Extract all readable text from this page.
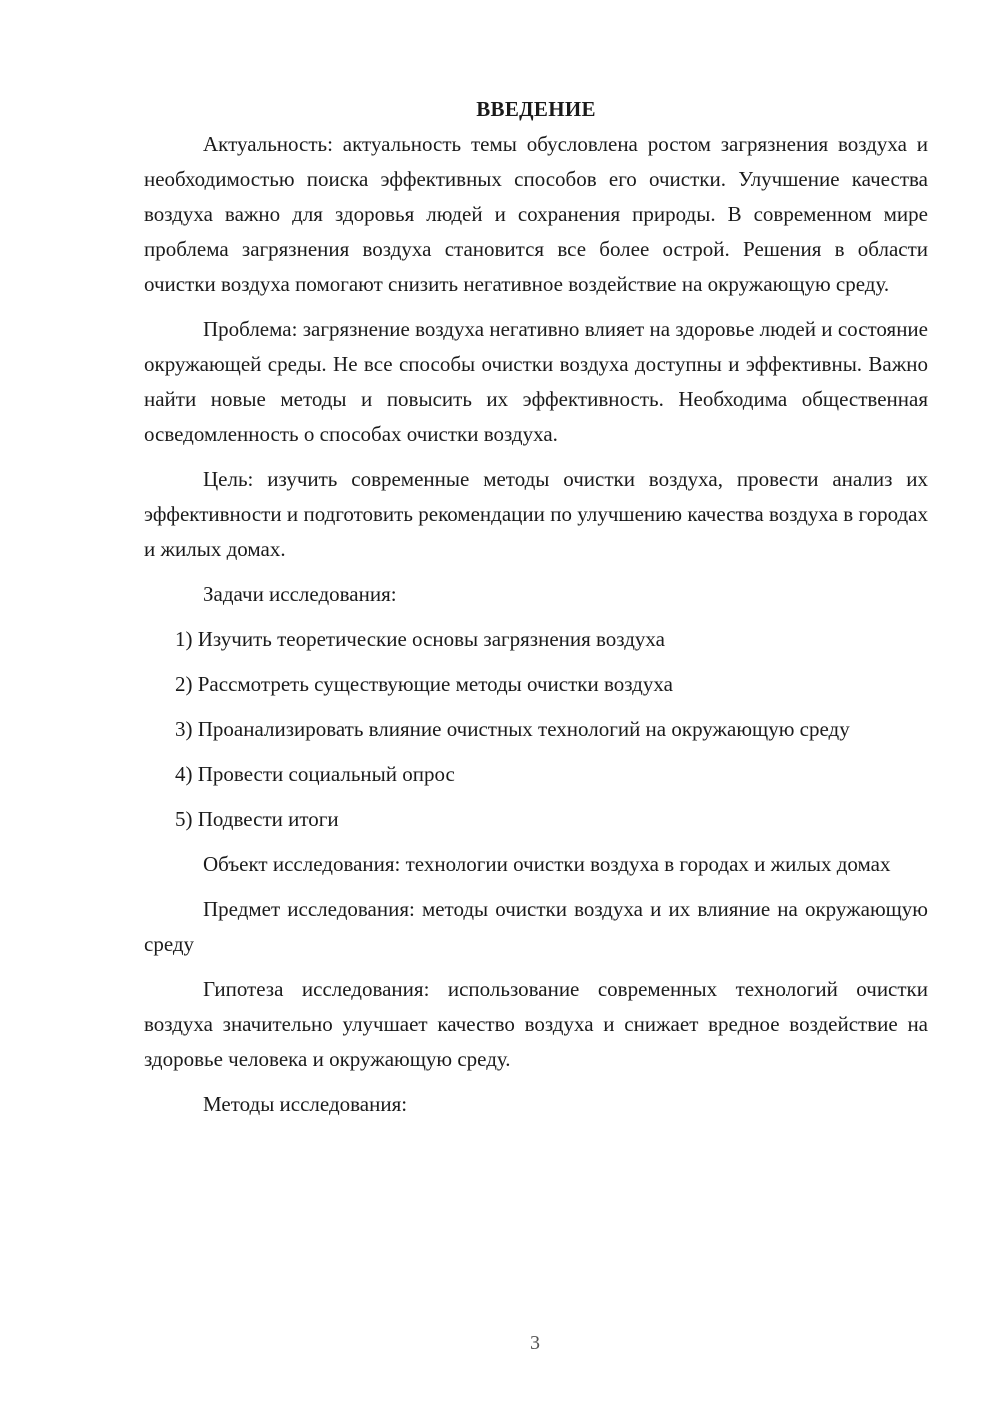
ВВЕДЕНИЕ

Актуальность: актуальность темы обусловлена ростом загрязнения воздуха и необходимостью поиска эффективных способов его очистки. Улучшение качества воздуха важно для здоровья людей и сохранения природы. В современном мире проблема загрязнения воздуха становится все более острой. Решения в области очистки воздуха помогают снизить негативное воздействие на окружающую среду.

Проблема: загрязнение воздуха негативно влияет на здоровье людей и состояние окружающей среды. Не все способы очистки воздуха доступны и эффективны. Важно найти новые методы и повысить их эффективность. Необходима общественная осведомленность о способах очистки воздуха.

Цель: изучить современные методы очистки воздуха, провести анализ их эффективности и подготовить рекомендации по улучшению качества воздуха в городах и жилых домах.

Задачи исследования:

1) Изучить теоретические основы загрязнения воздуха

2) Рассмотреть существующие методы очистки воздуха

3) Проанализировать влияние очистных технологий на окружающую среду

4) Провести социальный опрос

5) Подвести итоги

Объект исследования: технологии очистки воздуха в городах и жилых домах

Предмет исследования: методы очистки воздуха и их влияние на окружающую среду

Гипотеза исследования: использование современных технологий очистки воздуха значительно улучшает качество воздуха и снижает вредное воздействие на здоровье человека и окружающую среду.

Методы исследования:

3
